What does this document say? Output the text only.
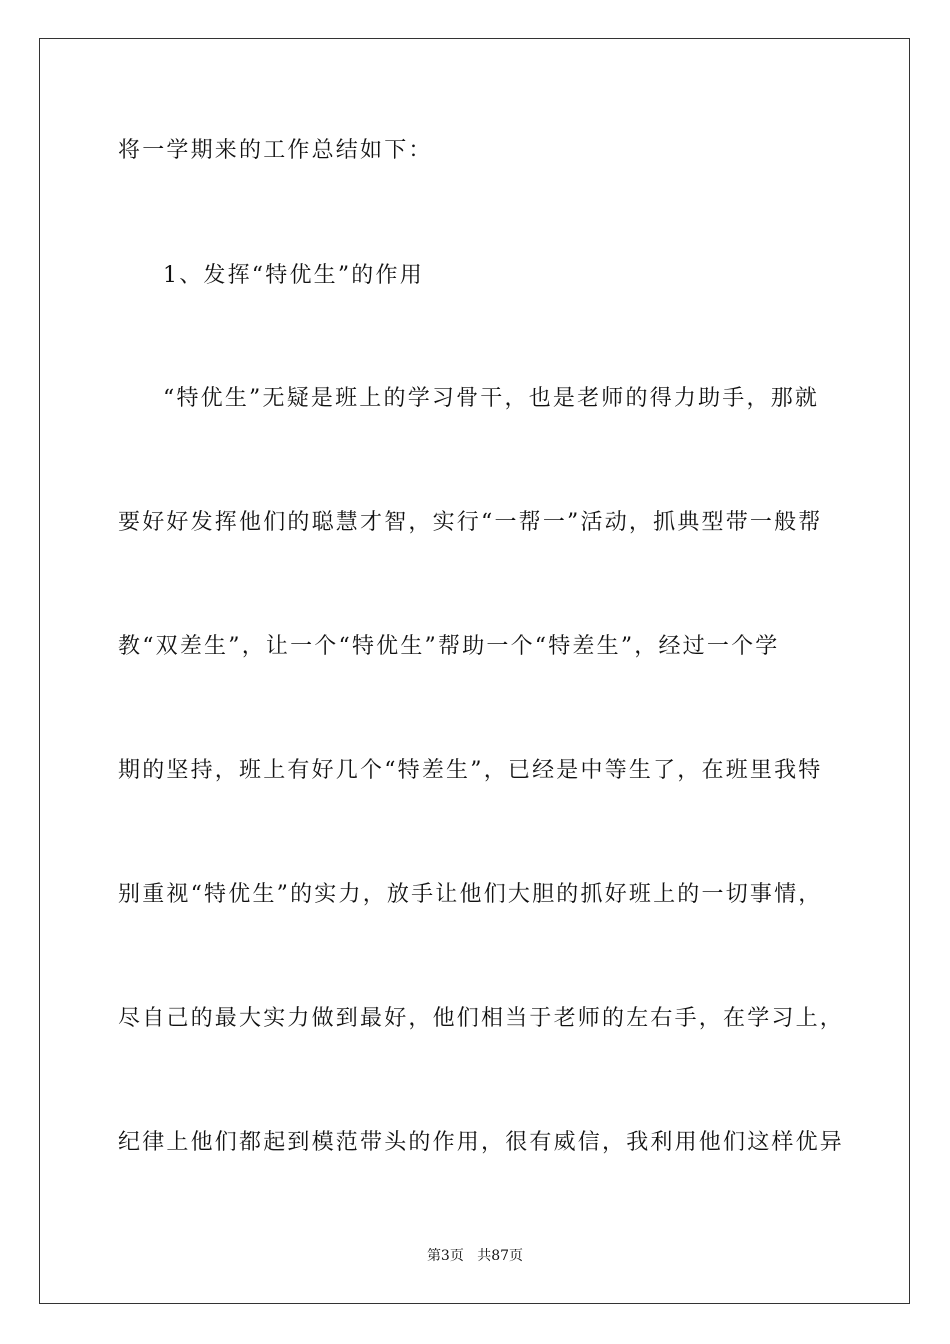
将一学期来的工作总结如下：
1、发挥“特优生”的作用
“特优生”无疑是班上的学习骨干，也是老师的得力助手，那就
要好好发挥他们的聪慧才智，实行“一帮一”活动，抓典型带一般帮
教“双差生”，让一个“特优生”帮助一个“特差生”，经过一个学
期的坚持，班上有好几个“特差生”，已经是中等生了，在班里我特
别重视“特优生”的实力，放手让他们大胆的抓好班上的一切事情，
尽自己的最大实力做到最好，他们相当于老师的左右手，在学习上，
纪律上他们都起到模范带头的作用，很有威信，我利用他们这样优异
第3页 共87页
